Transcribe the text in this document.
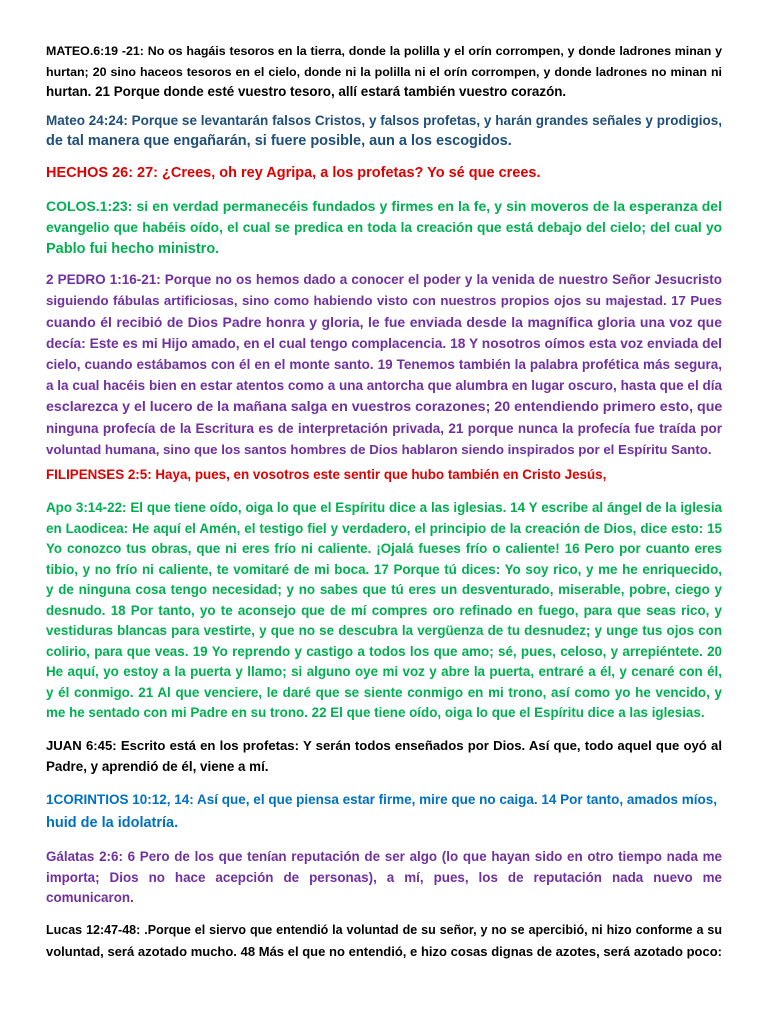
MATEO.6:19 -21: No os hagáis tesoros en la tierra, donde la polilla y el orín corrompen, y donde ladrones minan y
hurtan; 20 sino haceos tesoros en el cielo, donde ni la polilla ni el orín corrompen, y donde ladrones no minan ni
hurtan. 21 Porque donde esté vuestro tesoro, allí estará también vuestro corazón.

Mateo 24:24: Porque se levantarán falsos Cristos, y falsos profetas, y harán grandes señales y prodigios,
de tal manera que engañarán, si fuere posible, aun a los escogidos.

HECHOS 26: 27: ¿Crees, oh rey Agripa, a los profetas? Yo sé que crees.

COLOS.1:23: si en verdad permanecéis fundados y firmes en la fe, y sin moveros de la esperanza del
evangelio que habéis oído, el cual se predica en toda la creación que está debajo del cielo; del cual yo
Pablo fui hecho ministro.

2 PEDRO 1:16-21: Porque no os hemos dado a conocer el poder y la venida de nuestro Señor Jesucristo
siguiendo fábulas artificiosas, sino como habiendo visto con nuestros propios ojos su majestad. 17 Pues
cuando él recibió de Dios Padre honra y gloria, le fue enviada desde la magnífica gloria una voz que
decía: Este es mi Hijo amado, en el cual tengo complacencia. 18 Y nosotros oímos esta voz enviada del
cielo, cuando estábamos con él en el monte santo. 19 Tenemos también la palabra profética más segura,
a la cual hacéis bien en estar atentos como a una antorcha que alumbra en lugar oscuro, hasta que el día
esclarezca y el lucero de la mañana salga en vuestros corazones; 20 entendiendo primero esto, que
ninguna profecía de la Escritura es de interpretación privada, 21 porque nunca la profecía fue traída por
voluntad humana, sino que los santos hombres de Dios hablaron siendo inspirados por el Espíritu Santo.

FILIPENSES 2:5: Haya, pues, en vosotros este sentir que hubo también en Cristo Jesús,

Apo 3:14-22: El que tiene oído, oiga lo que el Espíritu dice a las iglesias. 14 Y escribe al ángel de la iglesia
en Laodicea: He aquí el Amén, el testigo fiel y verdadero, el principio de la creación de Dios, dice esto: 15
Yo conozco tus obras, que ni eres frío ni caliente. ¡Ojalá fueses frío o caliente! 16 Pero por cuanto eres
tibio, y no frío ni caliente, te vomitaré de mi boca. 17 Porque tú dices: Yo soy rico, y me he enriquecido,
y de ninguna cosa tengo necesidad; y no sabes que tú eres un desventurado, miserable, pobre, ciego y
desnudo. 18 Por tanto, yo te aconsejo que de mí compres oro refinado en fuego, para que seas rico, y
vestiduras blancas para vestirte, y que no se descubra la vergüenza de tu desnudez; y unge tus ojos con
colirio, para que veas. 19 Yo reprendo y castigo a todos los que amo; sé, pues, celoso, y arrepiéntete. 20
He aquí, yo estoy a la puerta y llamo; si alguno oye mi voz y abre la puerta, entraré a él, y cenaré con él,
y él conmigo. 21 Al que venciere, le daré que se siente conmigo en mi trono, así como yo he vencido, y
me he sentado con mi Padre en su trono. 22 El que tiene oído, oiga lo que el Espíritu dice a las iglesias.

JUAN 6:45: Escrito está en los profetas: Y serán todos enseñados por Dios. Así que, todo aquel que oyó al
Padre, y aprendió de él, viene a mí.

1CORINTIOS 10:12, 14: Así que, el que piensa estar firme, mire que no caiga. 14 Por tanto, amados míos,
huid de la idolatría.

Gálatas 2:6: 6 Pero de los que tenían reputación de ser algo (lo que hayan sido en otro tiempo nada me
importa; Dios no hace acepción de personas), a mí, pues, los de reputación nada nuevo me
comunicaron.

Lucas 12:47-48: .Porque el siervo que entendió la voluntad de su señor, y no se apercibió, ni hizo conforme a su
voluntad, será azotado mucho. 48 Más el que no entendió, e hizo cosas dignas de azotes, será azotado poco:
